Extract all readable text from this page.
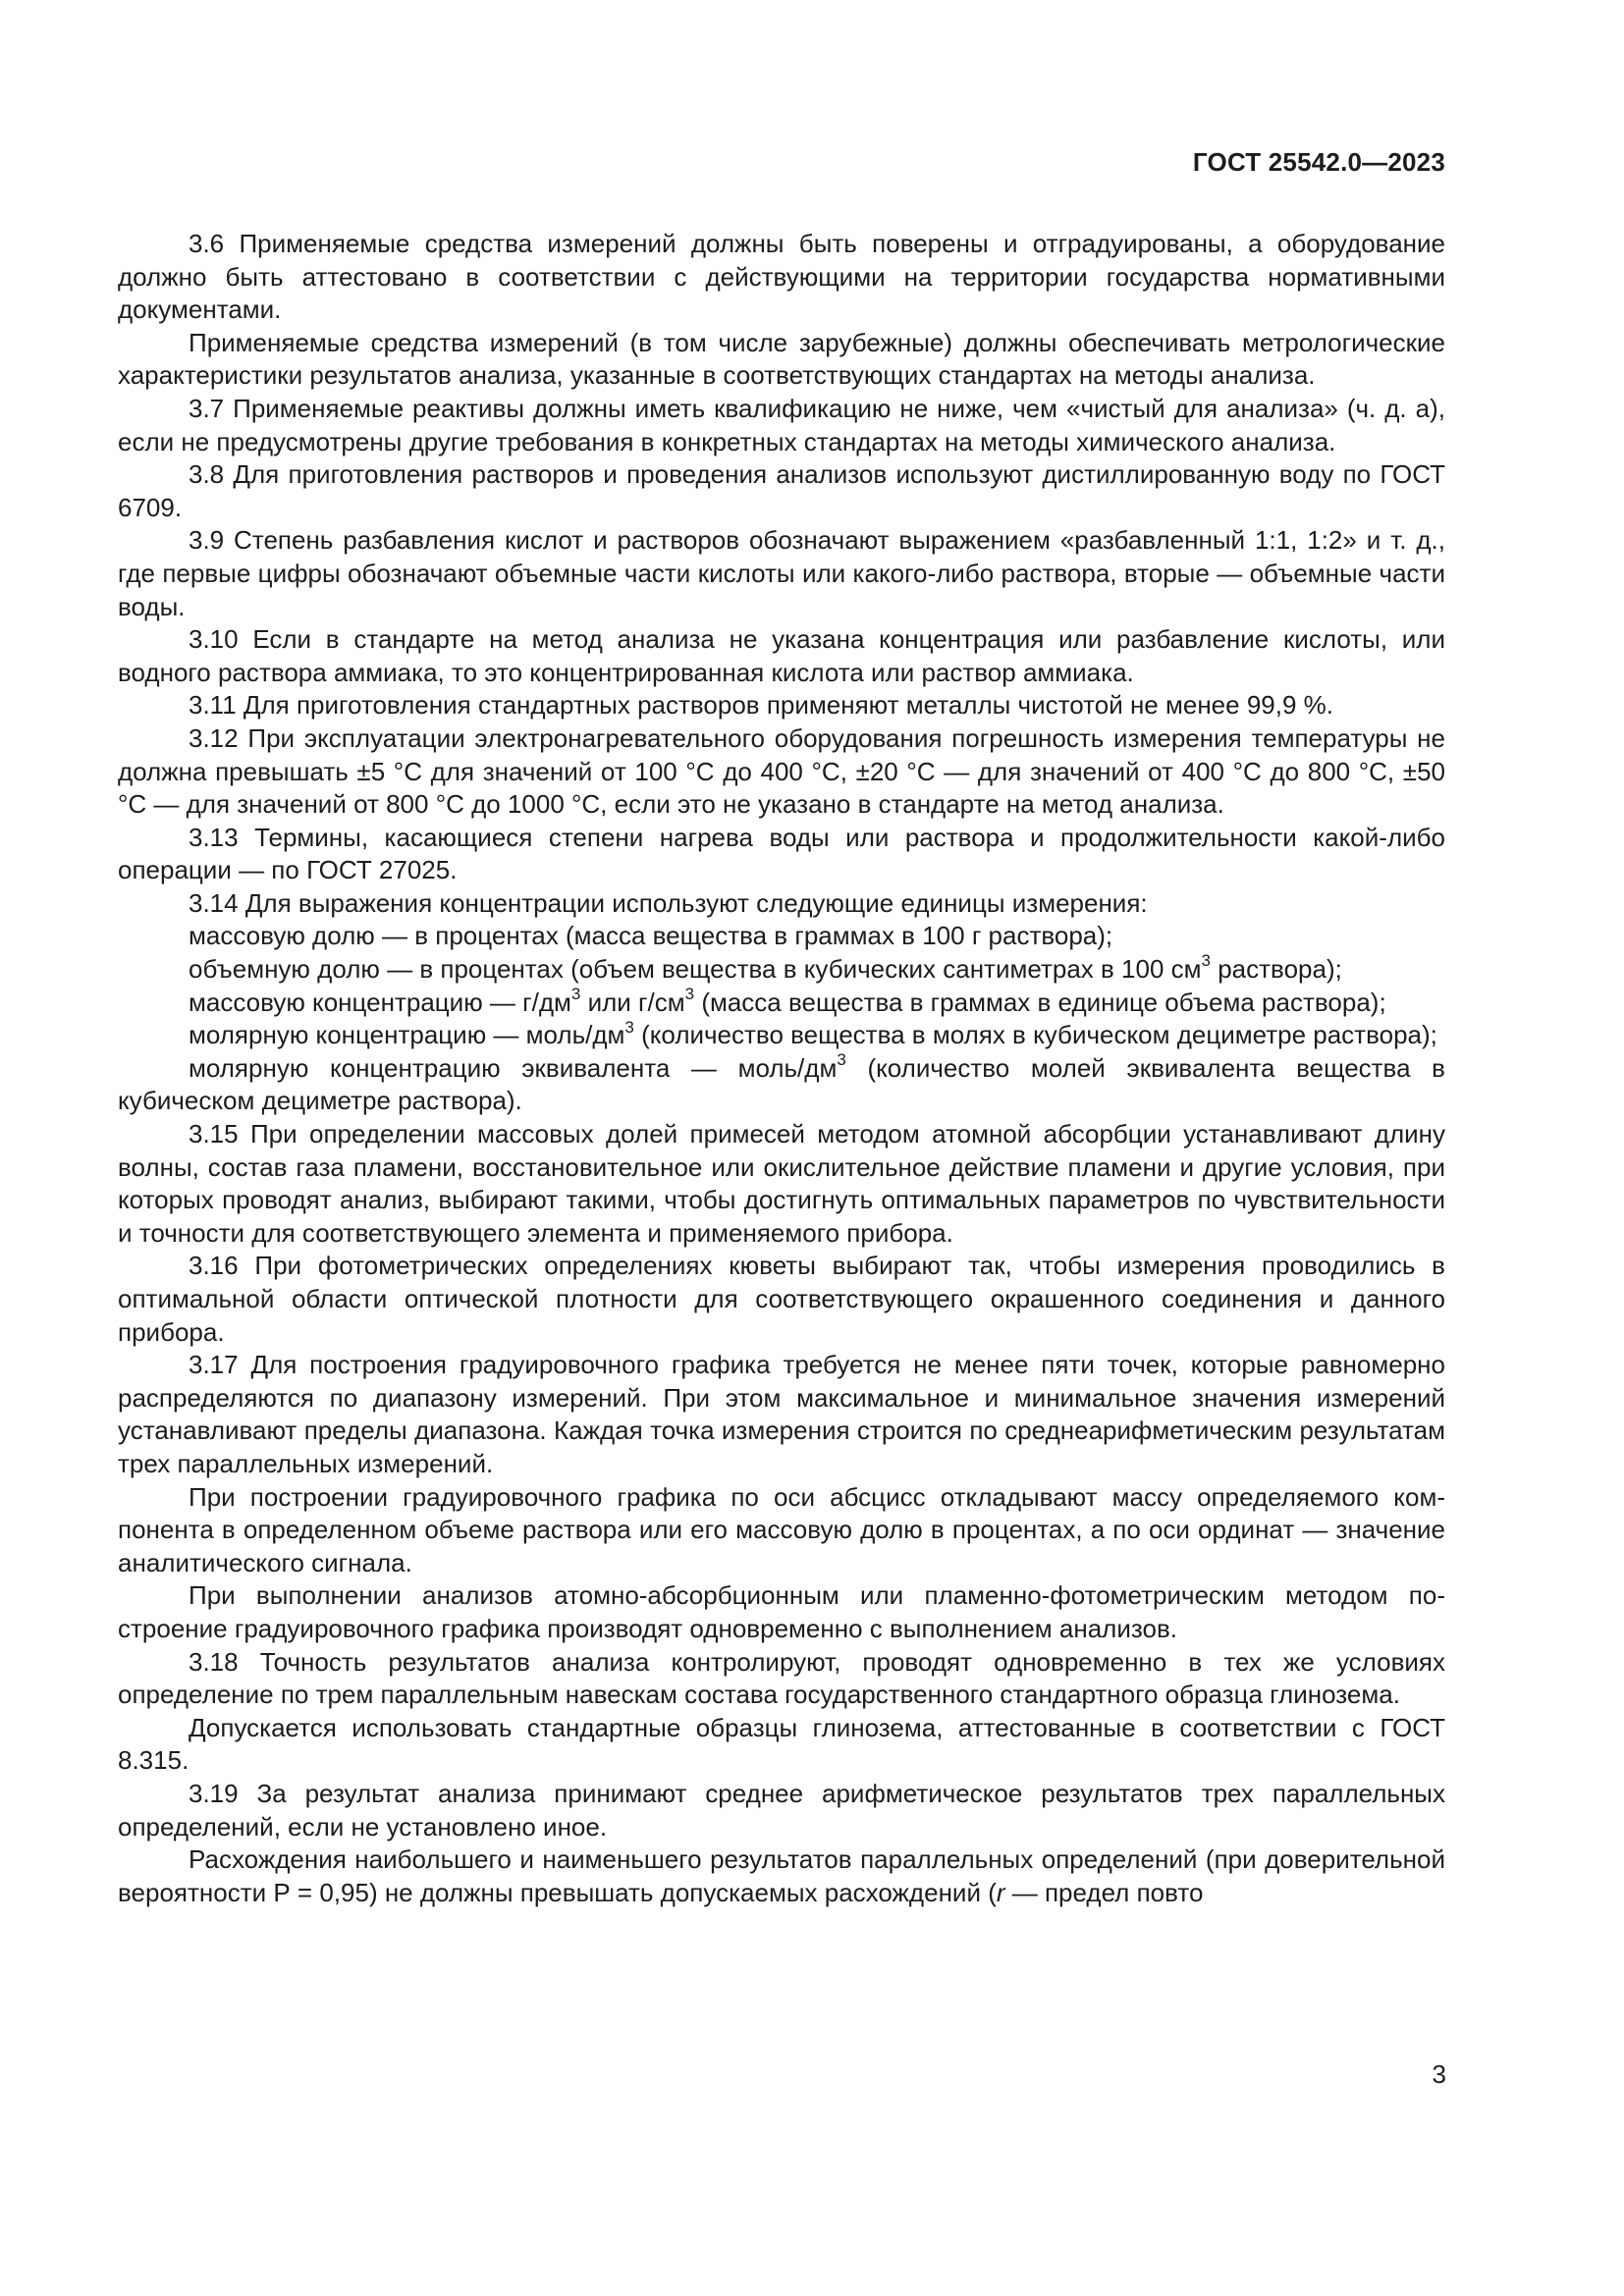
ГОСТ 25542.0—2023

3.6 Применяемые средства измерений должны быть поверены и отградуированы, а оборудование должно быть аттестовано в соответствии с действующими на территории государства нормативными документами.

Применяемые средства измерений (в том числе зарубежные) должны обеспечивать метрологические характеристики результатов анализа, указанные в соответствующих стандартах на методы анализа.

3.7 Применяемые реактивы должны иметь квалификацию не ниже, чем «чистый для анализа» (ч. д. а), если не предусмотрены другие требования в конкретных стандартах на методы химического анализа.

3.8 Для приготовления растворов и проведения анализов используют дистиллированную воду по ГОСТ 6709.

3.9 Степень разбавления кислот и растворов обозначают выражением «разбавленный 1:1, 1:2» и т. д., где первые цифры обозначают объемные части кислоты или какого-либо раствора, вторые — объемные части воды.

3.10 Если в стандарте на метод анализа не указана концентрация или разбавление кислоты, или водного раствора аммиака, то это концентрированная кислота или раствор аммиака.

3.11 Для приготовления стандартных растворов применяют металлы чистотой не менее 99,9 %.

3.12 При эксплуатации электронагревательного оборудования погрешность измерения температуры не должна превышать ±5 °С для значений от 100 °С до 400 °С, ±20 °С — для значений от 400 °С до 800 °С, ±50 °С — для значений от 800 °С до 1000 °С, если это не указано в стандарте на метод анализа.

3.13 Термины, касающиеся степени нагрева воды или раствора и продолжительности какой-либо операции — по ГОСТ 27025.

3.14 Для выражения концентрации используют следующие единицы измерения:

массовую долю — в процентах (масса вещества в граммах в 100 г раствора);

объемную долю — в процентах (объем вещества в кубических сантиметрах в 100 $см^3$ раствора);

массовую концентрацию — $г/дм^3$ или $г/см^3$ (масса вещества в граммах в единице объема раствора);

молярную концентрацию — моль/$дм^3$ (количество вещества в молях в кубическом дециметре раствора);

молярную концентрацию эквивалента — моль/$дм^3$ (количество молей эквивалента вещества в кубическом дециметре раствора).

3.15 При определении массовых долей примесей методом атомной абсорбции устанавливают длину волны, состав газа пламени, восстановительное или окислительное действие пламени и другие условия, при которых проводят анализ, выбирают такими, чтобы достигнуть оптимальных параметров по чувствительности и точности для соответствующего элемента и применяемого прибора.

3.16 При фотометрических определениях кюветы выбирают так, чтобы измерения проводились в оптимальной области оптической плотности для соответствующего окрашенного соединения и данного прибора.

3.17 Для построения градуировочного графика требуется не менее пяти точек, которые равномерно распределяются по диапазону измерений. При этом максимальное и минимальное значения измерений устанавливают пределы диапазона. Каждая точка измерения строится по среднеарифметическим результатам трех параллельных измерений.

При построении градуировочного графика по оси абсцисс откладывают массу определяемого компонента в определенном объеме раствора или его массовую долю в процентах, а по оси ординат — значение аналитического сигнала.

При выполнении анализов атомно-абсорбционным или пламенно-фотометрическим методом построение градуировочного графика производят одновременно с выполнением анализов.

3.18 Точность результатов анализа контролируют, проводят одновременно в тех же условиях определение по трем параллельным навескам состава государственного стандартного образца глинозема.

Допускается использовать стандартные образцы глинозема, аттестованные в соответствии с ГОСТ 8.315.

3.19 За результат анализа принимают среднее арифметическое результатов трех параллельных определений, если не установлено иное.

Расхождения наибольшего и наименьшего результатов параллельных определений (при доверительной вероятности Р = 0,95) не должны превышать допускаемых расхождений (r — предел повто

3
